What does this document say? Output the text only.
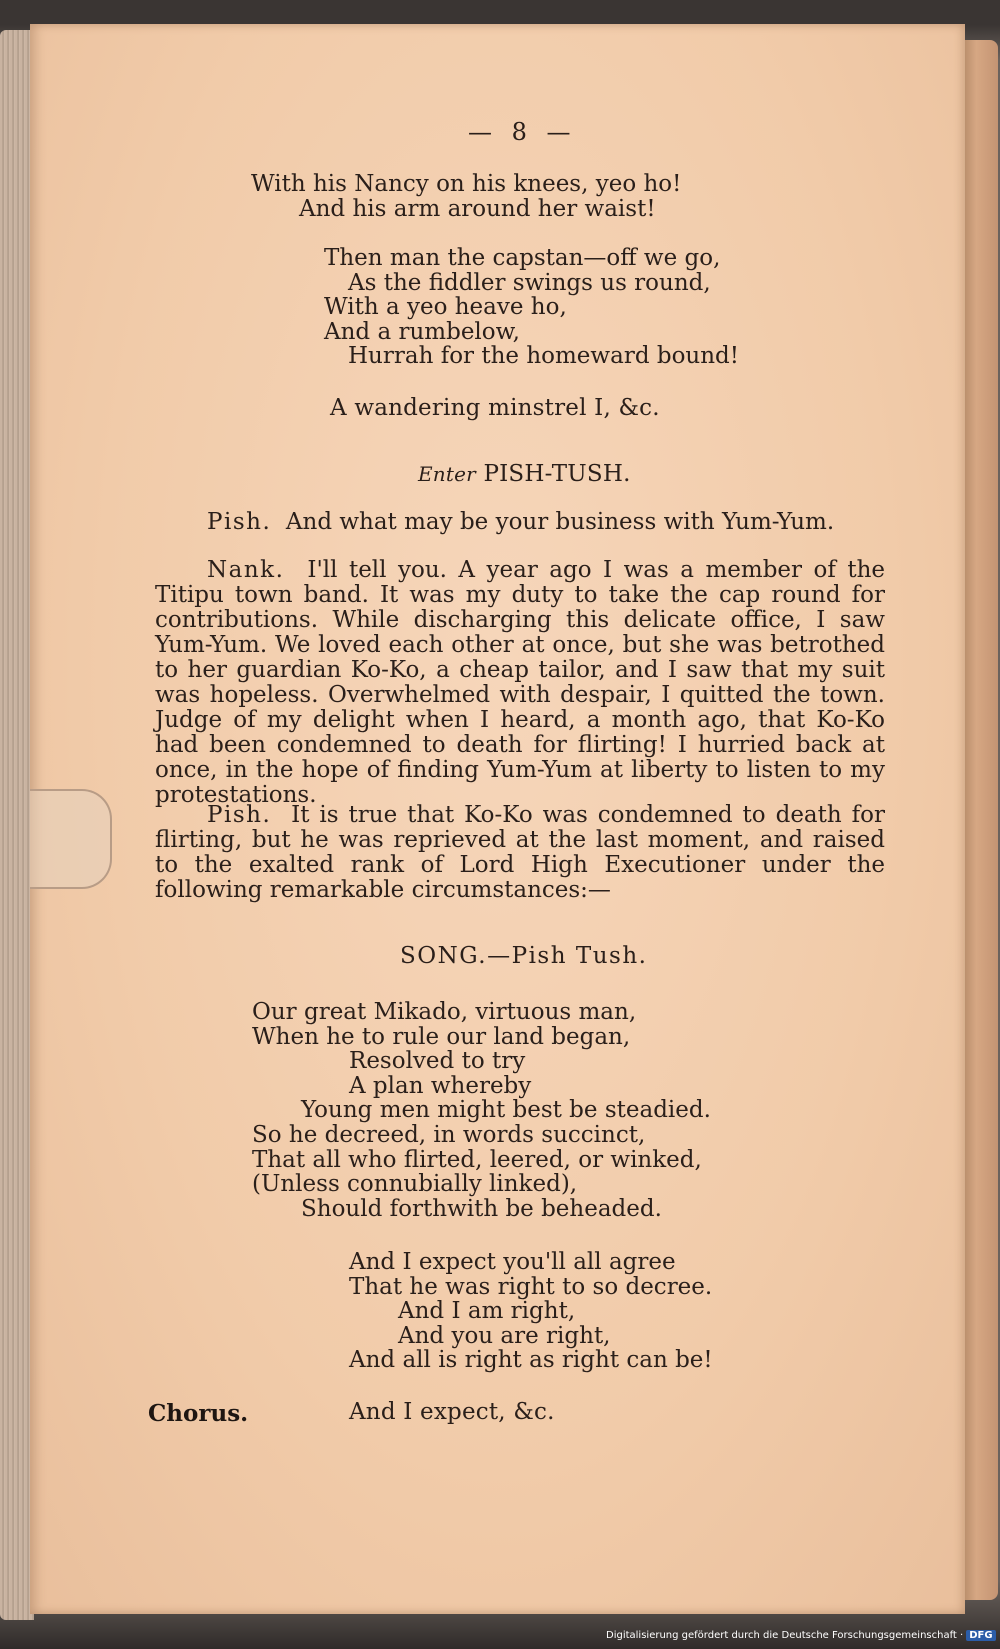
— 8 —
With his Nancy on his knees, yeo ho!
And his arm around her waist!
Then man the capstan—off we go,
As the fiddler swings us round,
With a yeo heave ho,
And a rumbelow,
Hurrah for the homeward bound!
A wandering minstrel I, &c.
Enter PISH-TUSH.

Pish. And what may be your business with Yum-Yum.

Nank. I'll tell you. A year ago I was a member of the Titipu town band. It was my duty to take the cap round for contributions. While discharging this delicate office, I saw Yum-Yum. We loved each other at once, but she was betrothed to her guardian Ko-Ko, a cheap tailor, and I saw that my suit was hopeless. Overwhelmed with despair, I quitted the town. Judge of my delight when I heard, a month ago, that Ko-Ko had been condemned to death for flirting! I hurried back at once, in the hope of finding Yum-Yum at liberty to listen to my protestations.

Pish. It is true that Ko-Ko was condemned to death for flirting, but he was reprieved at the last moment, and raised to the exalted rank of Lord High Executioner under the following remarkable circumstances:—

SONG.—Pish Tush.
Our great Mikado, virtuous man,
When he to rule our land began,
Resolved to try
A plan whereby
Young men might best be steadied.
So he decreed, in words succinct,
That all who flirted, leered, or winked,
(Unless connubially linked),
Should forthwith be beheaded.
And I expect you'll all agree
That he was right to so decree.
And I am right,
And you are right,
And all is right as right can be!
Chorus.	And I expect, &c.
Digitalisierung gefördert durch die Deutsche Forschungsgemeinschaft · DFG
